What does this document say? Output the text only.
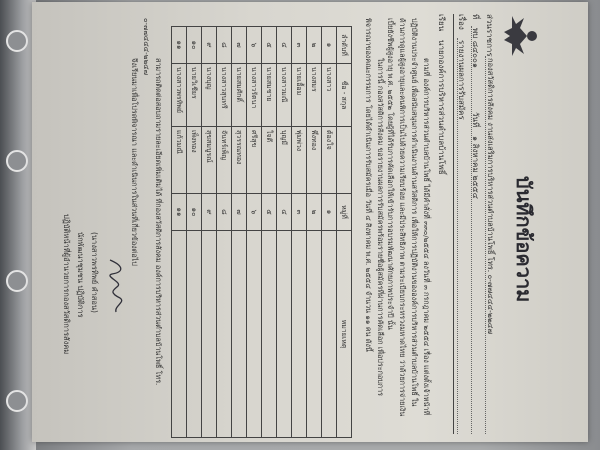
บันทึกข้อความ
ส่วนราชการ
กองสวัสดิการสังคม งานส่งเสริมการบริหารส่วนตำบลบ้านโพธิ์ โทร. ๐-๗๗๔๔๔-๒๒๔๗
ที่
พบ ๘๔๐๐๑
วันที่
๑ สิงหาคม ๒๕๕๔
เรื่อง
รายงานผลการรับสมัคร
เรียน
นายกองค์การบริหารส่วนตำบลบ้านโพธิ์
ตามที่ องค์การบริหารส่วนตำบลบ้านโพธิ์ ได้มีคำสั่งที่ ๓๓๐/๒๕๕๔ ลงวันที่ ๓ กรกฎาคม ๒๕๕๔ เรื่อง แต่งตั้งเจ้าหน้าที่ปฏิบัติงานประจำศูนย์ เพื่อสนับสนุนการดำเนินงานด้านสวัสดิการ เพื่อให้การปฏิบัติงานขององค์การบริหารส่วนตำบลบ้านโพธิ์ ในด้านการดูแลผู้สูงอายุและคนพิการเป็นไปด้วยความเรียบร้อย และมีประสิทธิภาพ ตามระเบียบกระทรวงมหาดไทย ว่าด้วยการจ่ายเงินเบี้ยยังชีพผู้สูงอายุ พ.ศ. ๒๕๕๒ โดยผู้ที่ได้รับการคัดเลือกให้เข้ารับการอบรมพัฒนาศักยภาพประจำปี นั้น
ในการนี้ กองสวัสดิการสังคม ขอรายงานผลการรับสมัครพร้อมรายชื่อผู้สมัครที่ผ่านการคัดเลือก เพื่อประกอบการพิจารณาของคณะกรรมการ โดยได้ดำเนินการรับสมัครเมื่อ วันที่ ๔ สิงหาคม พ.ศ. ๒๕๕๔ จำนวน ๑๑ คน ดังนี้
ลำดับที่	ชื่อ - สกุล		หมู่ที่	หมายเหตุ
๑	นางสาว	ต้องใจ	๑	
๒	นางสมร	พึ่งทอง	๒	
๓	นายเอื้อม	พุ่มพ่วง	๓	
๔	นางสาวมณี	บุญมี	๔	
๕	นายสมชาย	ใจดี	๕	
๖	นางสาวรัตนา	ศรีสุข	๖	
๗	นายสมศักดิ์	สุวรรณทอง	๗	
๘	นางสาวสุนทรี	จันทร์เพ็ญ	๘	
๙	นางบุญ	สุขสมบูรณ์	๙	
๑๐	นายวิเชียร	เพ็งทอง	๑๐	
๑๑	นางสาวพรทิพย์	แก้วมณี	๑๑	
สามารถติดต่อสอบถามรายละเอียดเพิ่มเติมได้ ที่กองสวัสดิการสังคม องค์การบริหารส่วนตำบลบ้านโพธิ์ โทร. ๐-๗๗๔๔๔-๒๒๔๗
จึงเรียนมาเพื่อโปรดพิจารณา และดำเนินการในส่วนที่เกี่ยวข้องต่อไป
(นางสาวพรทิพย์ คำสอน)
นักพัฒนาชุมชน ปฏิบัติการ
ปฏิบัติหน้าที่ผู้อำนวยการกองสวัสดิการสังคม
